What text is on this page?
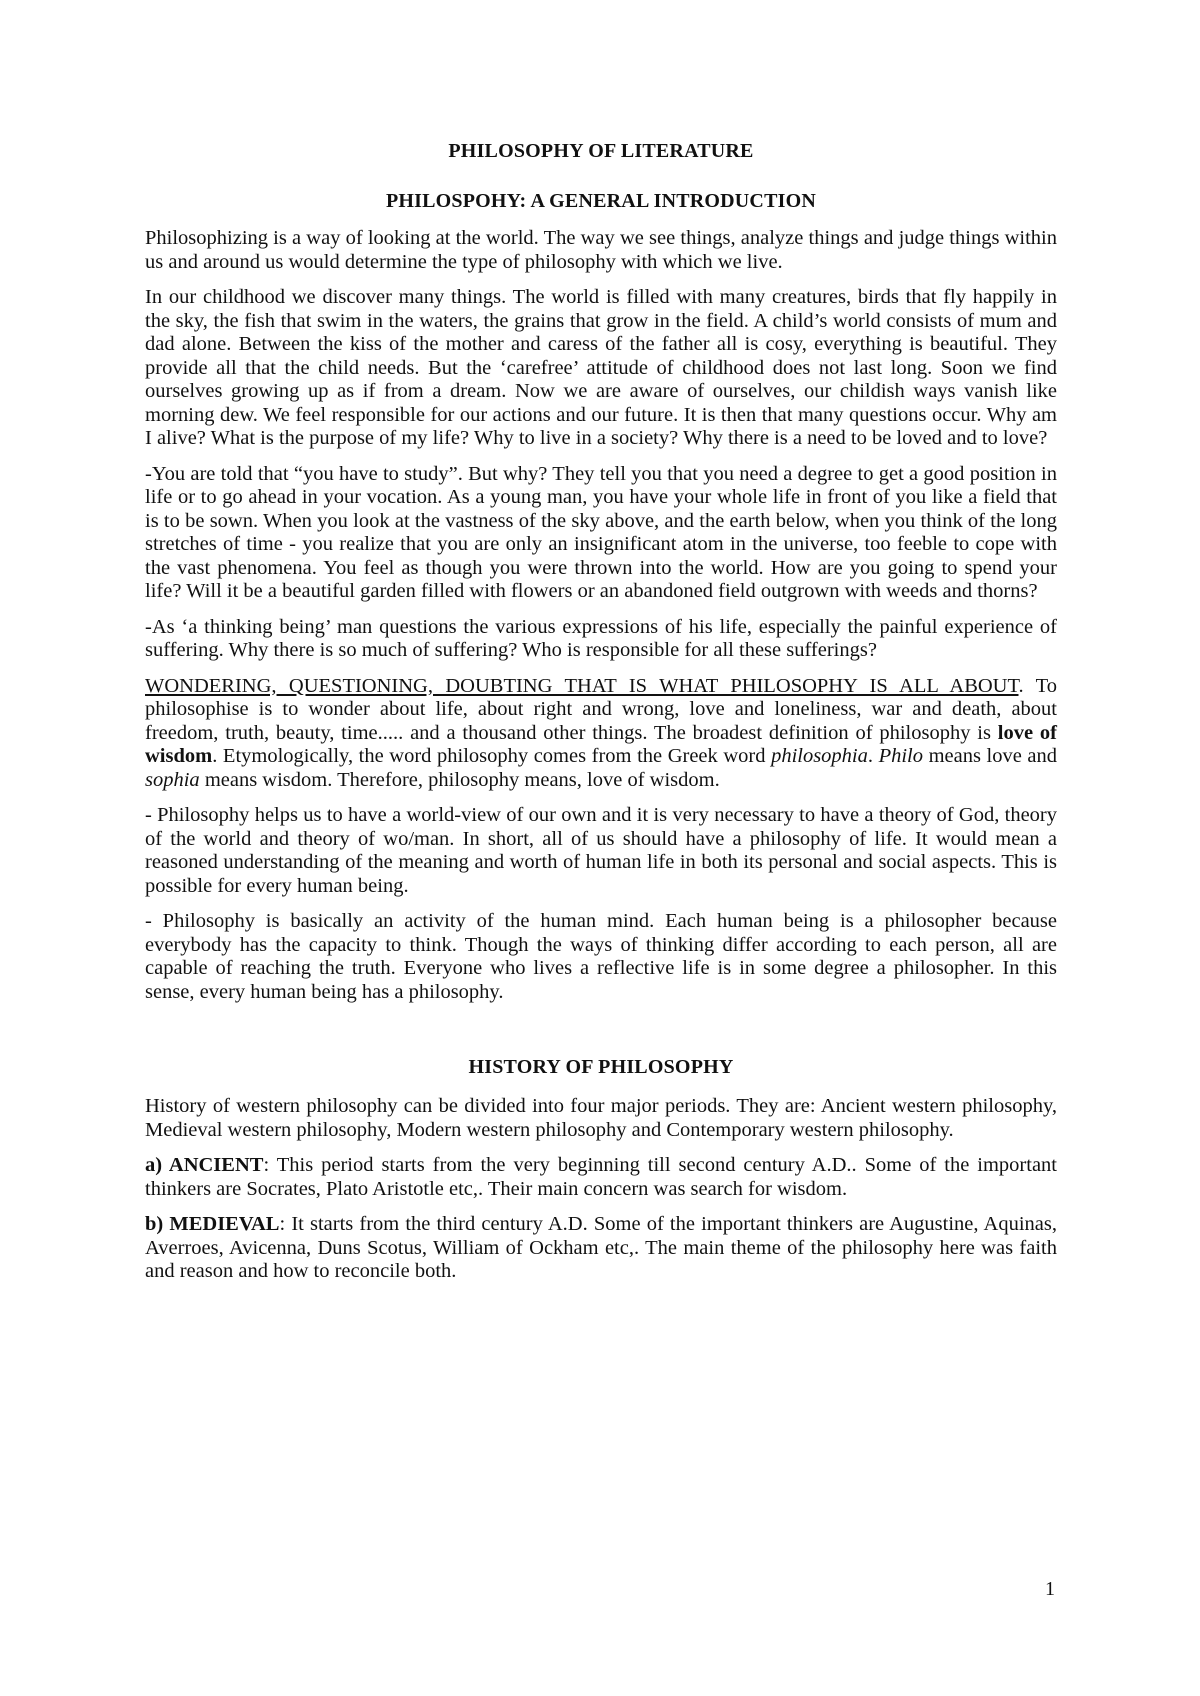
PHILOSOPHY OF LITERATURE
PHILOSPOHY: A GENERAL INTRODUCTION

Philosophizing is a way of looking at the world. The way we see things, analyze things and judge things within us and around us would determine the type of philosophy with which we live.

In our childhood we discover many things. The world is filled with many creatures, birds that fly happily in the sky, the fish that swim in the waters, the grains that grow in the field. A child’s world consists of mum and dad alone. Between the kiss of the mother and caress of the father all is cosy, everything is beautiful. They provide all that the child needs. But the ‘carefree’ attitude of childhood does not last long. Soon we find ourselves growing up as if from a dream. Now we are aware of ourselves, our childish ways vanish like morning dew. We feel responsible for our actions and our future. It is then that many questions occur. Why am I alive? What is the purpose of my life? Why to live in a society? Why there is a need to be loved and to love?

-You are told that “you have to study”. But why? They tell you that you need a degree to get a good position in life or to go ahead in your vocation. As a young man, you have your whole life in front of you like a field that is to be sown. When you look at the vastness of the sky above, and the earth below, when you think of the long stretches of time - you realize that you are only an insignificant atom in the universe, too feeble to cope with the vast phenomena. You feel as though you were thrown into the world. How are you going to spend your life? Will it be a beautiful garden filled with flowers or an abandoned field outgrown with weeds and thorns?

-As ‘a thinking being’ man questions the various expressions of his life, especially the painful experience of suffering. Why there is so much of suffering? Who is responsible for all these sufferings?

WONDERING, QUESTIONING, DOUBTING THAT IS WHAT PHILOSOPHY IS ALL ABOUT. To philosophise is to wonder about life, about right and wrong, love and loneliness, war and death, about freedom, truth, beauty, time..... and a thousand other things. The broadest definition of philosophy is love of wisdom. Etymologically, the word philosophy comes from the Greek word philosophia. Philo means love and sophia means wisdom. Therefore, philosophy means, love of wisdom.

- Philosophy helps us to have a world-view of our own and it is very necessary to have a theory of God, theory of the world and theory of wo/man. In short, all of us should have a philosophy of life. It would mean a reasoned understanding of the meaning and worth of human life in both its personal and social aspects. This is possible for every human being.

- Philosophy is basically an activity of the human mind. Each human being is a philosopher because everybody has the capacity to think. Though the ways of thinking differ according to each person, all are capable of reaching the truth. Everyone who lives a reflective life is in some degree a philosopher. In this sense, every human being has a philosophy.

HISTORY OF PHILOSOPHY

History of western philosophy can be divided into four major periods. They are: Ancient western philosophy, Medieval western philosophy, Modern western philosophy and Contemporary western philosophy.

a) ANCIENT: This period starts from the very beginning till second century A.D.. Some of the important thinkers are Socrates, Plato Aristotle etc,. Their main concern was search for wisdom.

b) MEDIEVAL: It starts from the third century A.D. Some of the important thinkers are Augustine, Aquinas, Averroes, Avicenna, Duns Scotus, William of Ockham etc,. The main theme of the philosophy here was faith and reason and how to reconcile both.

1
